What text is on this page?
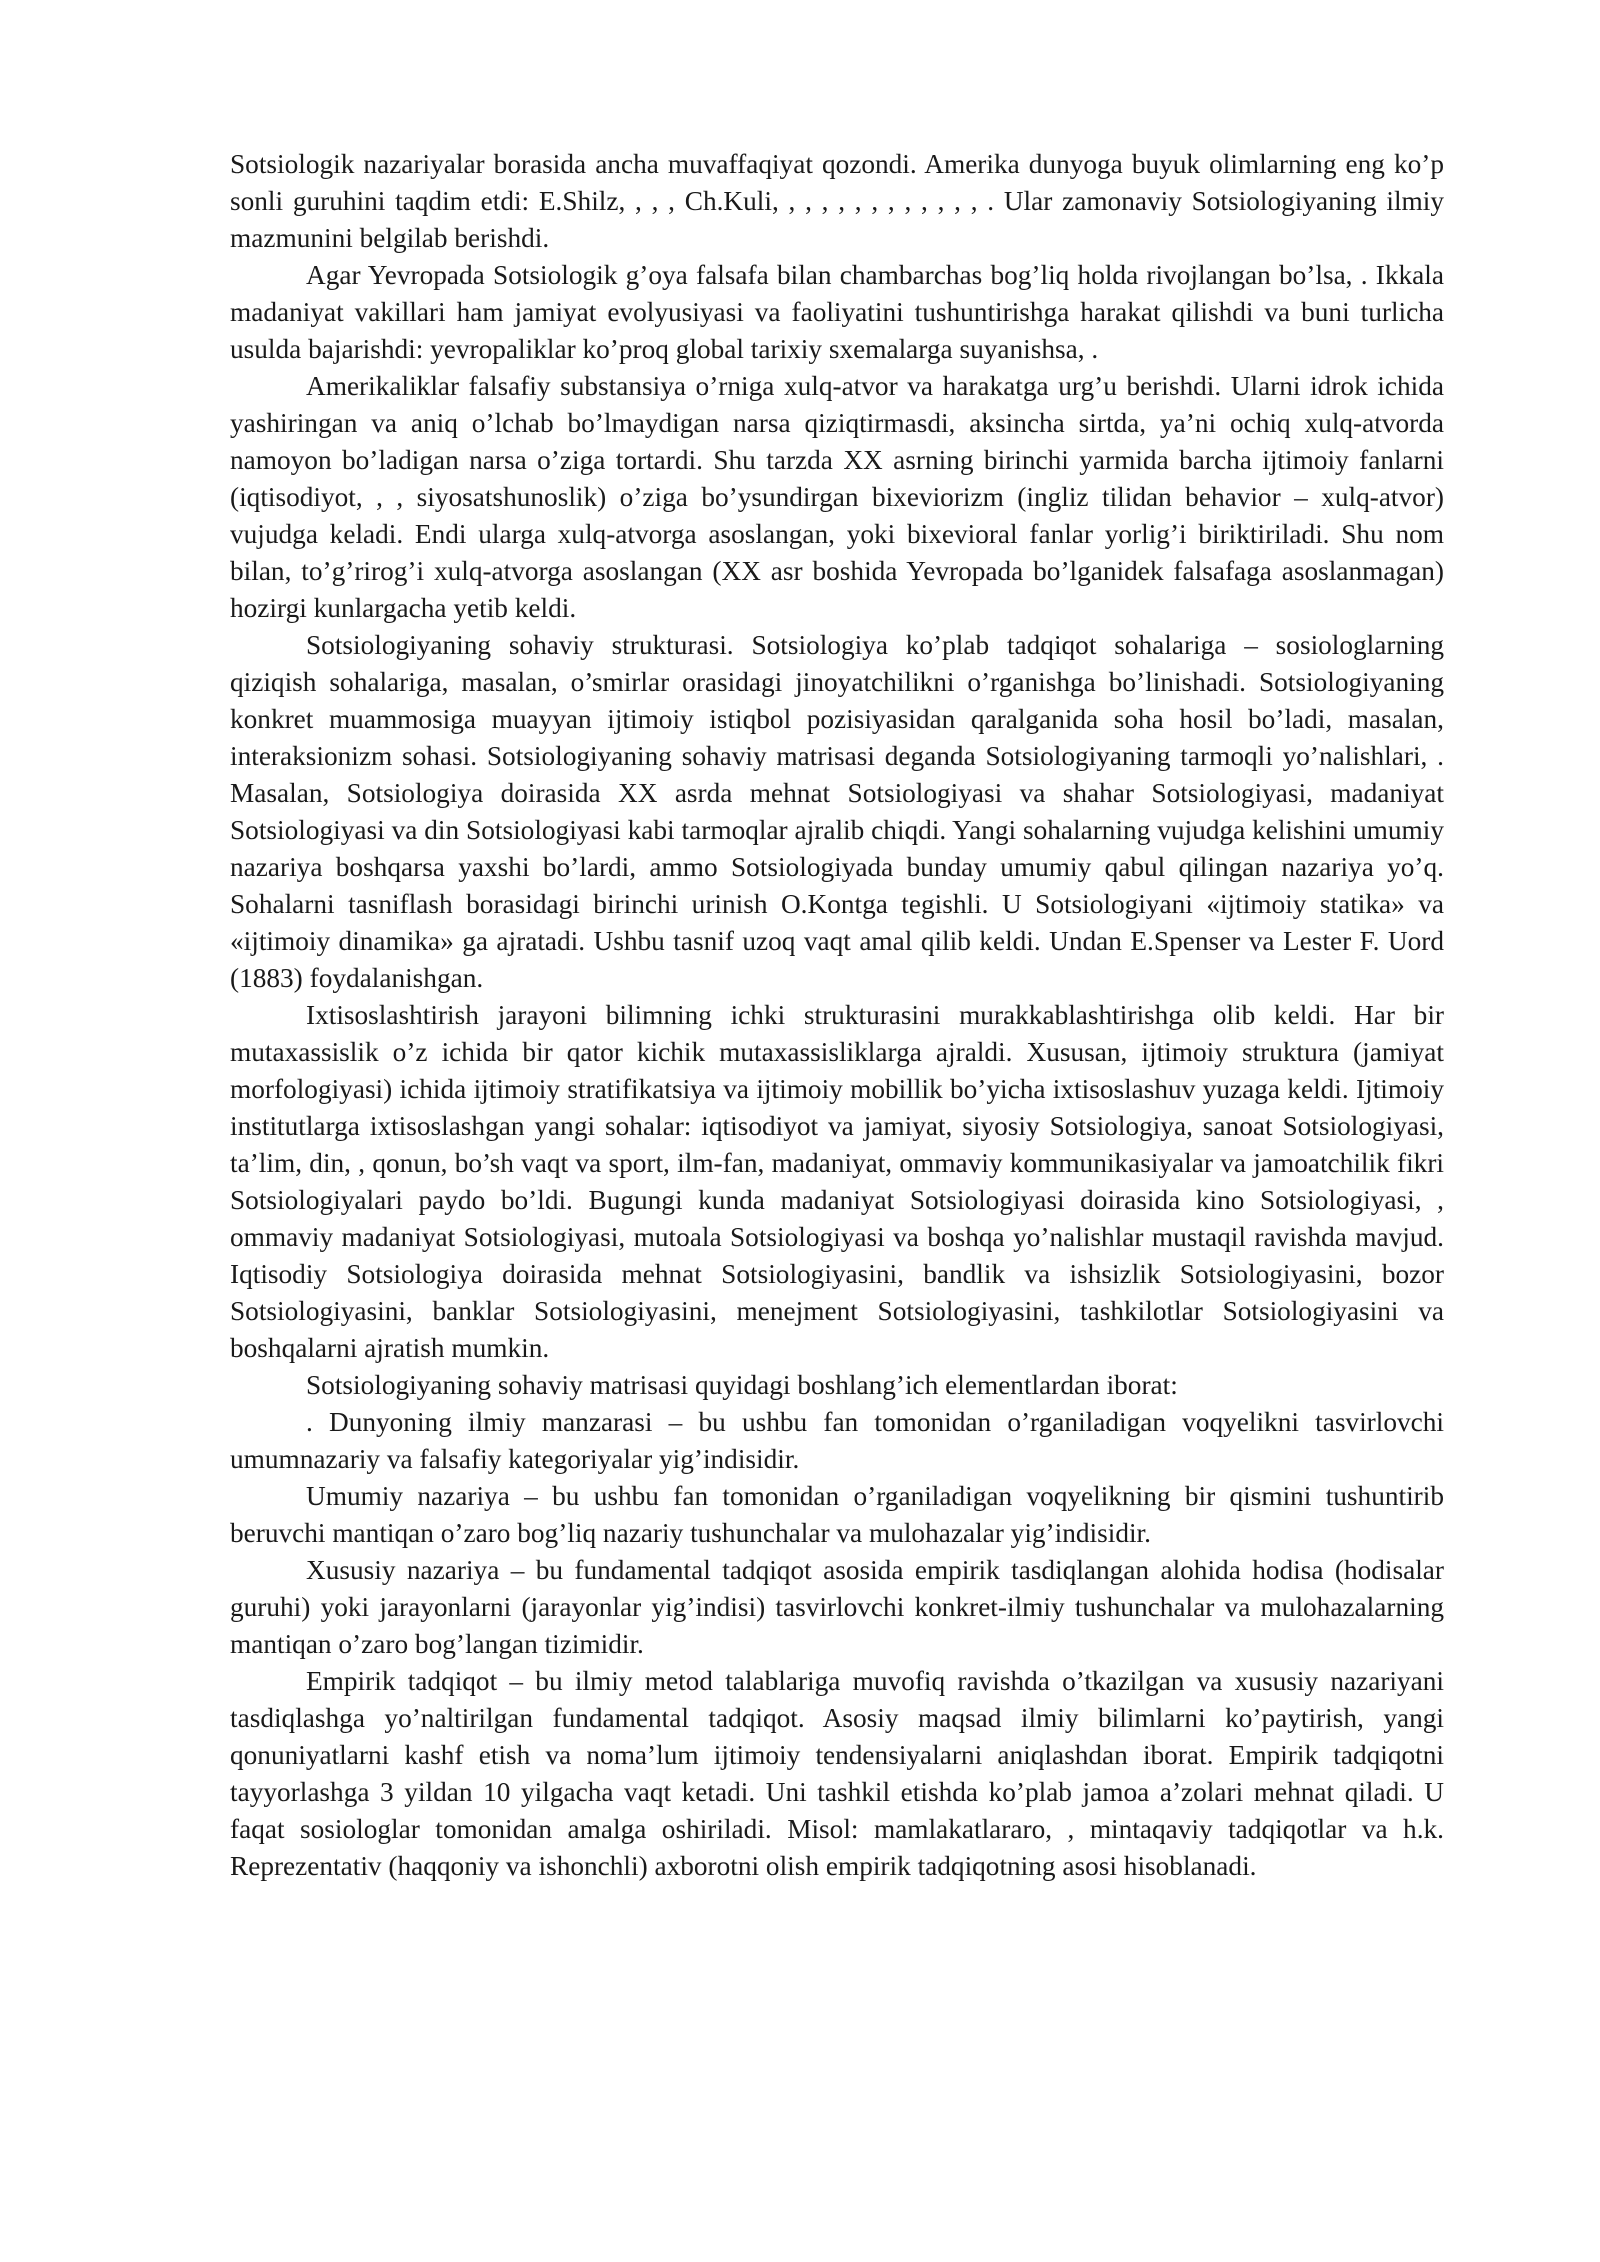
Sotsiologik nazariyalar borasida ancha muvaffaqiyat qozondi. Amerika dunyoga buyuk olimlarning eng ko’p sonli guruhini taqdim etdi: E.Shilz, , , , Ch.Kuli, , , , , , , , , , , , , . Ular zamonaviy Sotsiologiyaning ilmiy mazmunini belgilab berishdi.

Agar Yevropada Sotsiologik g’oya falsafa bilan chambarchas bog’liq holda rivojlangan bo’lsa, . Ikkala madaniyat vakillari ham jamiyat evolyusiyasi va faoliyatini tushuntirishga harakat qilishdi va buni turlicha usulda bajarishdi: yevropaliklar ko’proq global tarixiy sxemalarga suyanishsa, .

Amerikaliklar falsafiy substansiya o’rniga xulq-atvor va harakatga urg’u berishdi. Ularni idrok ichida yashiringan va aniq o’lchab bo’lmaydigan narsa qiziqtirmasdi, aksincha sirtda, ya’ni ochiq xulq-atvorda namoyon bo’ladigan narsa o’ziga tortardi. Shu tarzda XX asrning birinchi yarmida barcha ijtimoiy fanlarni (iqtisodiyot, , , siyosatshunoslik) o’ziga bo’ysundirgan bixeviorizm (ingliz tilidan behavior – xulq-atvor) vujudga keladi. Endi ularga xulq-atvorga asoslangan, yoki bixevioral fanlar yorlig’i biriktiriladi. Shu nom bilan, to’g’rirog’i xulq-atvorga asoslangan (XX asr boshida Yevropada bo’lganidek falsafaga asoslanmagan) hozirgi kunlargacha yetib keldi.

Sotsiologiyaning sohaviy strukturasi. Sotsiologiya ko’plab tadqiqot sohalariga – sosiologlarning qiziqish sohalariga, masalan, o’smirlar orasidagi jinoyatchilikni o’rganishga bo’linishadi. Sotsiologiyaning konkret muammosiga muayyan ijtimoiy istiqbol pozisiyasidan qaralganida soha hosil bo’ladi, masalan, interaksionizm sohasi. Sotsiologiyaning sohaviy matrisasi deganda Sotsiologiyaning tarmoqli yo’nalishlari, . Masalan, Sotsiologiya doirasida XX asrda mehnat Sotsiologiyasi va shahar Sotsiologiyasi, madaniyat Sotsiologiyasi va din Sotsiologiyasi kabi tarmoqlar ajralib chiqdi. Yangi sohalarning vujudga kelishini umumiy nazariya boshqarsa yaxshi bo’lardi, ammo Sotsiologiyada bunday umumiy qabul qilingan nazariya yo’q. Sohalarni tasniflash borasidagi birinchi urinish O.Kontga tegishli. U Sotsiologiyani «ijtimoiy statika» va «ijtimoiy dinamika» ga ajratadi. Ushbu tasnif uzoq vaqt amal qilib keldi. Undan E.Spenser va Lester F. Uord (1883) foydalanishgan.

Ixtisoslashtirish jarayoni bilimning ichki strukturasini murakkablashtirishga olib keldi. Har bir mutaxassislik o’z ichida bir qator kichik mutaxassisliklarga ajraldi. Xususan, ijtimoiy struktura (jamiyat morfologiyasi) ichida ijtimoiy stratifikatsiya va ijtimoiy mobillik bo’yicha ixtisoslashuv yuzaga keldi. Ijtimoiy institutlarga ixtisoslashgan yangi sohalar: iqtisodiyot va jamiyat, siyosiy Sotsiologiya, sanoat Sotsiologiyasi, ta’lim, din, , qonun, bo’sh vaqt va sport, ilm-fan, madaniyat, ommaviy kommunikasiyalar va jamoatchilik fikri Sotsiologiyalari paydo bo’ldi. Bugungi kunda madaniyat Sotsiologiyasi doirasida kino Sotsiologiyasi, , ommaviy madaniyat Sotsiologiyasi, mutoala Sotsiologiyasi va boshqa yo’nalishlar mustaqil ravishda mavjud. Iqtisodiy Sotsiologiya doirasida mehnat Sotsiologiyasini, bandlik va ishsizlik Sotsiologiyasini, bozor Sotsiologiyasini, banklar Sotsiologiyasini, menejment Sotsiologiyasini, tashkilotlar Sotsiologiyasini va boshqalarni ajratish mumkin.

Sotsiologiyaning sohaviy matrisasi quyidagi boshlang’ich elementlardan iborat:

. Dunyoning ilmiy manzarasi – bu ushbu fan tomonidan o’rganiladigan voqyelikni tasvirlovchi umumnazariy va falsafiy kategoriyalar yig’indisidir.

Umumiy nazariya – bu ushbu fan tomonidan o’rganiladigan voqyelikning bir qismini tushuntirib beruvchi mantiqan o’zaro bog’liq nazariy tushunchalar va mulohazalar yig’indisidir.

Xususiy nazariya – bu fundamental tadqiqot asosida empirik tasdiqlangan alohida hodisa (hodisalar guruhi) yoki jarayonlarni (jarayonlar yig’indisi) tasvirlovchi konkret-ilmiy tushunchalar va mulohazalarning mantiqan o’zaro bog’langan tizimidir.

Empirik tadqiqot – bu ilmiy metod talablariga muvofiq ravishda o’tkazilgan va xususiy nazariyani tasdiqlashga yo’naltirilgan fundamental tadqiqot. Asosiy maqsad ilmiy bilimlarni ko’paytirish, yangi qonuniyatlarni kashf etish va noma’lum ijtimoiy tendensiyalarni aniqlashdan iborat. Empirik tadqiqotni tayyorlashga 3 yildan 10 yilgacha vaqt ketadi. Uni tashkil etishda ko’plab jamoa a’zolari mehnat qiladi. U faqat sosiologlar tomonidan amalga oshiriladi. Misol: mamlakatlararo, , mintaqaviy tadqiqotlar va h.k. Reprezentativ (haqqoniy va ishonchli) axborotni olish empirik tadqiqotning asosi hisoblanadi.
